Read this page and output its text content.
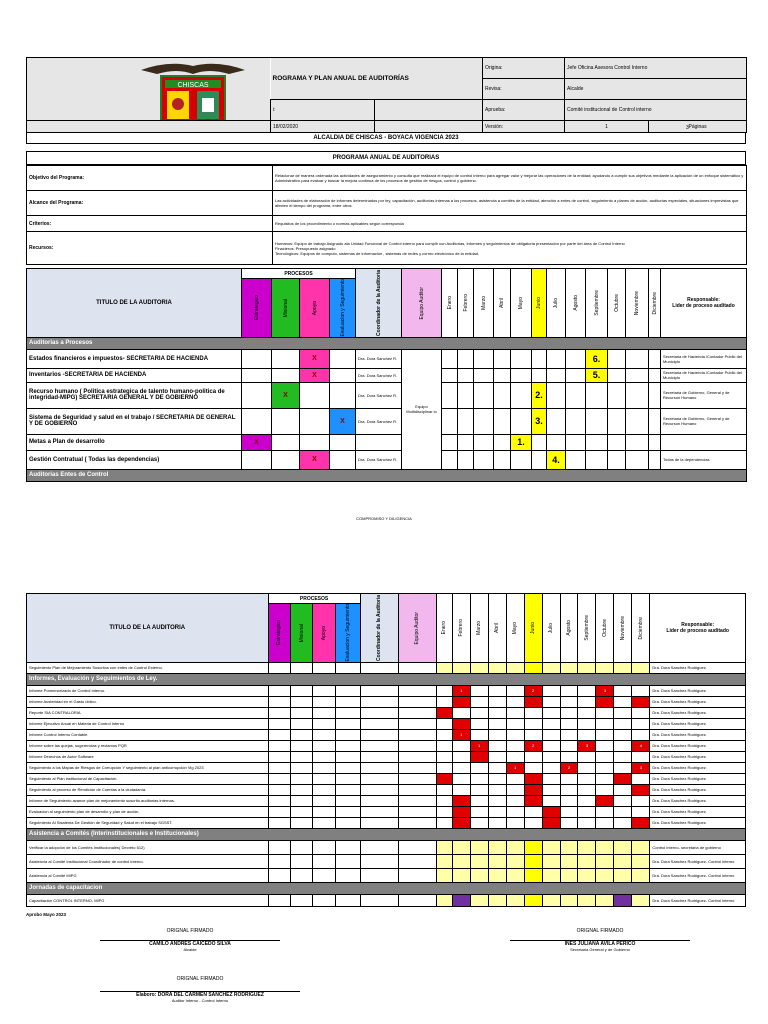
CHISCAS	ROGRAMA Y PLAN ANUAL DE AUDITORÍAS		Origina:	Jefe Oficina Asesora Control Interno	
			Revisa:	Alcalde	
	i:		Aprueba:	Comité institucional de Control interno	
	18/02/2020		Versión:	1	Páginas
3
ALCALDIA DE CHISCAS - BOYACA VIGENCIA 2023
PROGRAMA ANUAL DE AUDITORIAS
Objetivo del Programa:	Relacionar de manera ordenada las actividades de aseguramiento y consulta que realizará el equipo de control interno para agregar valor y mejorar las operaciones de la entidad; ayudando a cumplir sus objetivos mediante la aplicación de un enfoque sistemático y Administrativo para evaluar y buscar la mejora continua de los procesos de gestión de riesgos, control y gobierno.
Alcance del Programa:	Las actividades de elaboración de informes determinados por ley, capacitación, auditorías internas a los procesos, asistencia a comités de la entidad, atención a entes de control, seguimiento a planes de acción, auditorías especiales, situaciones imprevistas que afecten el tiempo del programa, entre otros.
Criterios:	Requisitos de los procedimiento o normas aplicables según corresponda
Recursos:	Humanos: Equipo de trabajo Asignado ala Unidad Funcional de Control interno para cumplir con Auditorias, Informes y seguimientos de obligatoria presentación por parte del área de Control Interno
Finacieros: Presupuesto asignado
Tecnológicos: Equipos de computo, sistemas de información , sistemas de redes y correo electrónico de la entidad.
TITULO DE LA AUDITORIA	PROCESOS				Coordinador de la Auditoria	Equipo Auditor	Enero	Febrero	Marzo	Abril	Mayo	Junio	Julio	Agosto	Septiembre	Octubre	Noviembre	Diciembre	Responsable:
Lider de proceso auditado

	Estrategico	Misional	Apoyo	Evaluacion y Seguimiento															

Auditorias a Procesos																			
Estados financieros e impuestos- SECRETARIA DE HACIENDA			X		Dra. Dora Sanchez R.	Equipo Multidisciplinar io									6.				Secretaria de Hacienda /Contador Public del Municipio
Inventarios -SECRETARIA DE HACIENDA			X		Dra. Dora Sanchez R.										5.				Secretaria de Hacienda /Contador Public del Municipio
Recurso humano ( Politica estrategica de talento humano-politica de integridad-MIPG) SECRETARIA GENERAL Y DE GOBIERNO		X			Dra. Dora Sanchez R.							2.							Secretaria de Gobierno, General y de Recurson Humano
Sistema de Seguridad y salud en el trabajo / SECRETARIA DE GENERAL Y DE GOBIERNO				X	Dra. Dora Sanchez R.							3.							Secretaria de Gobierno, General y de Recurson Humano
Metas a Plan de desarrollo	X										1.								
Gestión Contratual ( Todas las dependencias)			X		Dra. Dora Sanchez R.								4.						Todas de la dependencias
Auditorias Entes de Control																			
COMPROMISO Y DILIGENCIA
TITULO DE LA AUDITORIA	PROCESOS				Coordinador de la Auditoria	Equipo Auditor	Enero	Febrero	Marzo	Abril	Mayo	Junio	Julio	Agosto	Septiembre	Octubre	Noviembre	Diciembre	Responsable:
Lider de proceso auditado

	Estrategico	Misional	Apoyo	Evaluacion y Seguimiento															

Seguimiento Plan de Mejoramiento Suscritos con entes de Control Externo.																			Dra. Dora Sanchez Rodriguez.
Informes, Evaluación y Seguimientos de Ley.																			
Informe Pormenorizado de Control Interno.								1				2				3			Dra. Dora Sanchez Rodriguez.
Informe Austeridad en el Gasto úblico.																			Dra. Dora Sanchez Rodriguez.
Reporte SIA CONTRALORIA																			Dra. Dora Sanchez Rodriguez.
Informe Ejecutivo Anual en Materia de Control Interno																			Dra. Dora Sanchez Rodriguez.
Informe Control Interno Contable.								1											Dra. Dora Sanchez Rodriguez.
Informe sobre las quejas, sugerencias y reclamos PQR									1			2			3			4	Dra. Dora Sanchez Rodriguez.
Informe Derechos de Autor Software																			Dra. Dora Sanchez Rodriguez.
Seguimiento a los Mapas de Riesgos de Corrupción Y seguimiento al plan anticorrupción Vig 2023											1			2				3	Dra. Dora Sanchez Rodriguez.
Seguimiento al Plan institucional de Capacitación.																			Dra. Dora Sanchez Rodriguez.
Seguimiento al proceso de Rendición de Cuentas a la ciudadanía.																			Dra. Dora Sanchez Rodriguez.
Informe de Seguimiento avance plan de mejoramiento suscrito auditorias internas.																			Dra. Dora Sanchez Rodriguez.
Evaluacion al seguimiento plan de desarrollo y plan de acción.																			Dra. Dora Sanchez Rodriguez.
Seguimiento Al Sisatema De Gestión de Seguridad y Salud en el trabajo SGSST.																			Dra. Dora Sanchez Rodriguez.
Asistencia a Comités (Interinstitucionales e Institucionales)																			
Verificar la adopción de los Comités Institucionales( Decreto 612)																			Control interno- secretaria de gobierno
Asistencia al Comité Institucional Coordinador de control interno.																			Dra. Dora Sanchez Rodriguez- Control interno
Asistencia al Comité MIPG																			Dra. Dora Sanchez Rodriguez- Control interno
Jornadas de capacitacion																			
Capacitación CONTROL INTERNO- MIPG																			Dra. Dora Sanchez Rodriguez- Control interno
Aprobo Mayo 2023
ORIGNAL FIRMADO
CAMILO ANDRES CAICEDO SILVA
Alcalde
ORIGNAL FIRMADO
INES JULIANA AVILA PERICO
Secretaria General y de Gobierno
ORIGNAL FIRMADO
Elaboro: DORA DEL CARMEN SANCHEZ RODRIGUEZ
Auditor Interno - Control Interno
